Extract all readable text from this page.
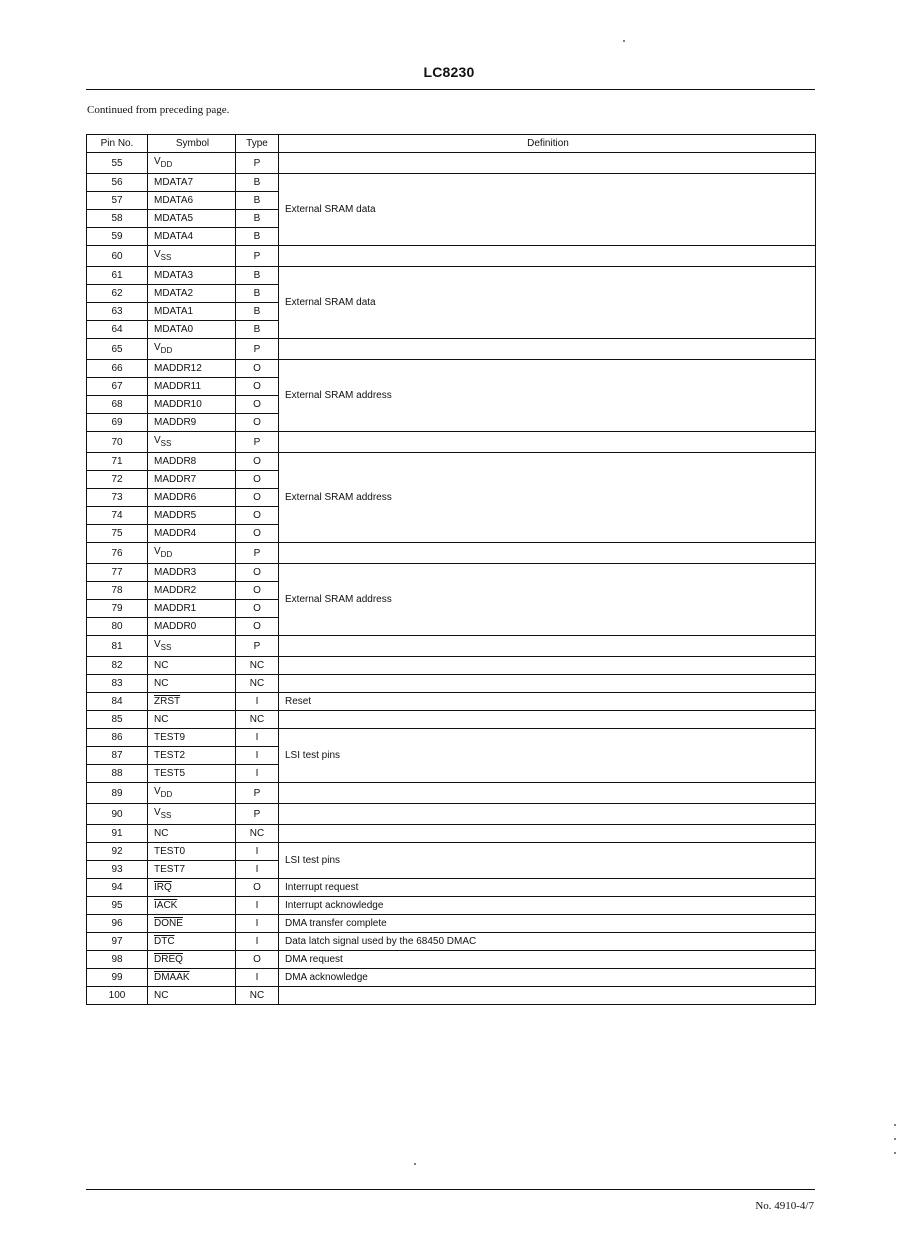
LC8230
Continued from preceding page.
Pin No.	Symbol	Type	Definition
55	$V_{DD}$	P	
56	MDATA7	B	External SRAM data
57	MDATA6	B	
58	MDATA5	B	
59	MDATA4	B	
60	$V_{SS}$	P	
61	MDATA3	B	External SRAM data
62	MDATA2	B	
63	MDATA1	B	
64	MDATA0	B	
65	$V_{DD}$	P	
66	MADDR12	O	External SRAM address
67	MADDR11	O	
68	MADDR10	O	
69	MADDR9	O	
70	$V_{SS}$	P	
71	MADDR8	O	External SRAM address
72	MADDR7	O	
73	MADDR6	O	
74	MADDR5	O	
75	MADDR4	O	
76	$V_{DD}$	P	
77	MADDR3	O	External SRAM address
78	MADDR2	O	
79	MADDR1	O	
80	MADDR0	O	
81	$V_{SS}$	P	
82	NC	NC	
83	NC	NC	
84	ZRST	I	Reset
85	NC	NC	
86	TEST9	I	LSI test pins
87	TEST2	I	
88	TEST5	I	
89	$V_{DD}$	P	
90	$V_{SS}$	P	
91	NC	NC	
92	TEST0	I	LSI test pins
93	TEST7	I	
94	$\overline{IRQ}$	O	Interrupt request
95	IACK	I	Interrupt acknowledge
96	DONE	I	DMA transfer complete
97	$\overline{DTC}$	I	Data latch signal used by the 68450 DMAC
98	DREQ	O	DMA request
99	DMAAK	I	DMA acknowledge
100	NC	NC	
No. 4910-4/7
